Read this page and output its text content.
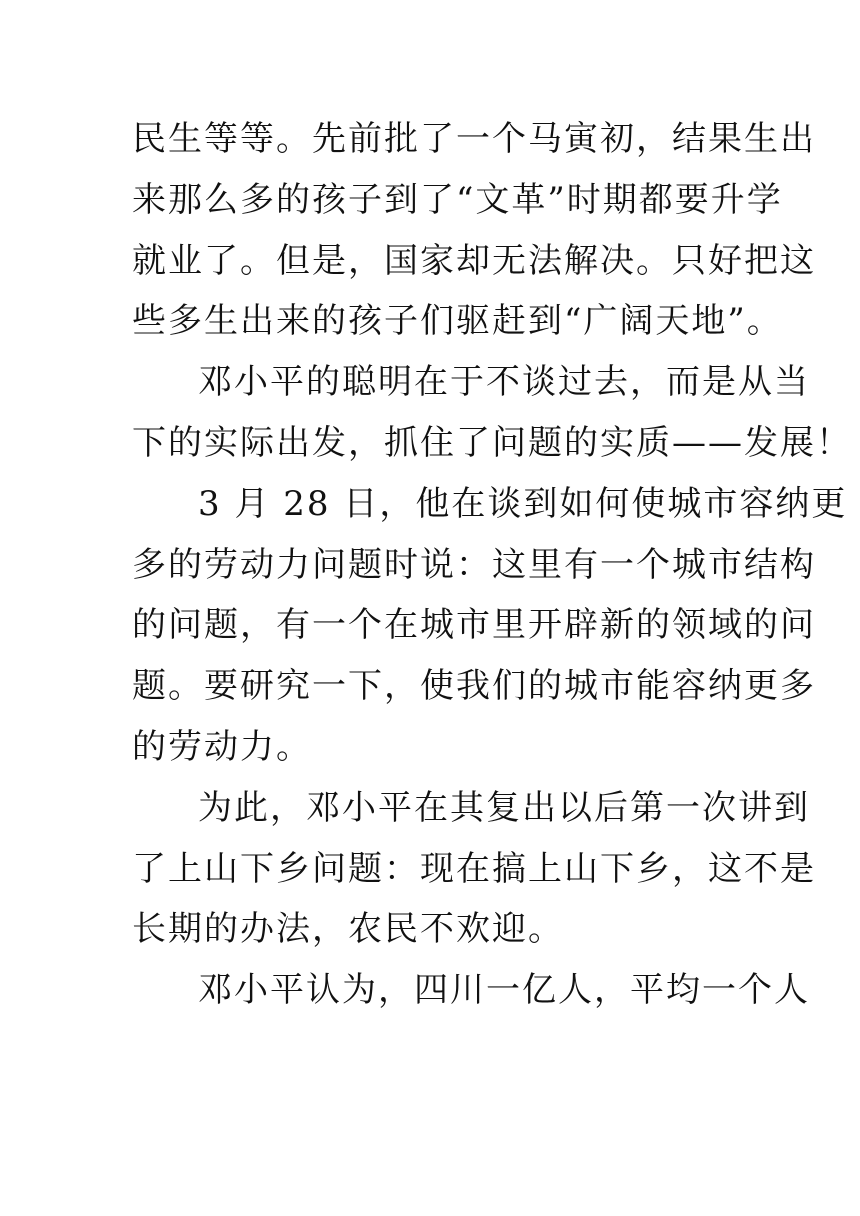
民生等等。先前批了一个马寅初，结果生出
来那么多的孩子到了“文革”时期都要升学
就业了。但是，国家却无法解决。只好把这
些多生出来的孩子们驱赶到“广阔天地”。
邓小平的聪明在于不谈过去，而是从当
下的实际出发，抓住了问题的实质——发展！
3 月 28 日，他在谈到如何使城市容纳更
多的劳动力问题时说：这里有一个城市结构
的问题，有一个在城市里开辟新的领域的问
题。要研究一下，使我们的城市能容纳更多
的劳动力。
为此，邓小平在其复出以后第一次讲到
了上山下乡问题：现在搞上山下乡，这不是
长期的办法，农民不欢迎。
邓小平认为，四川一亿人，平均一个人
